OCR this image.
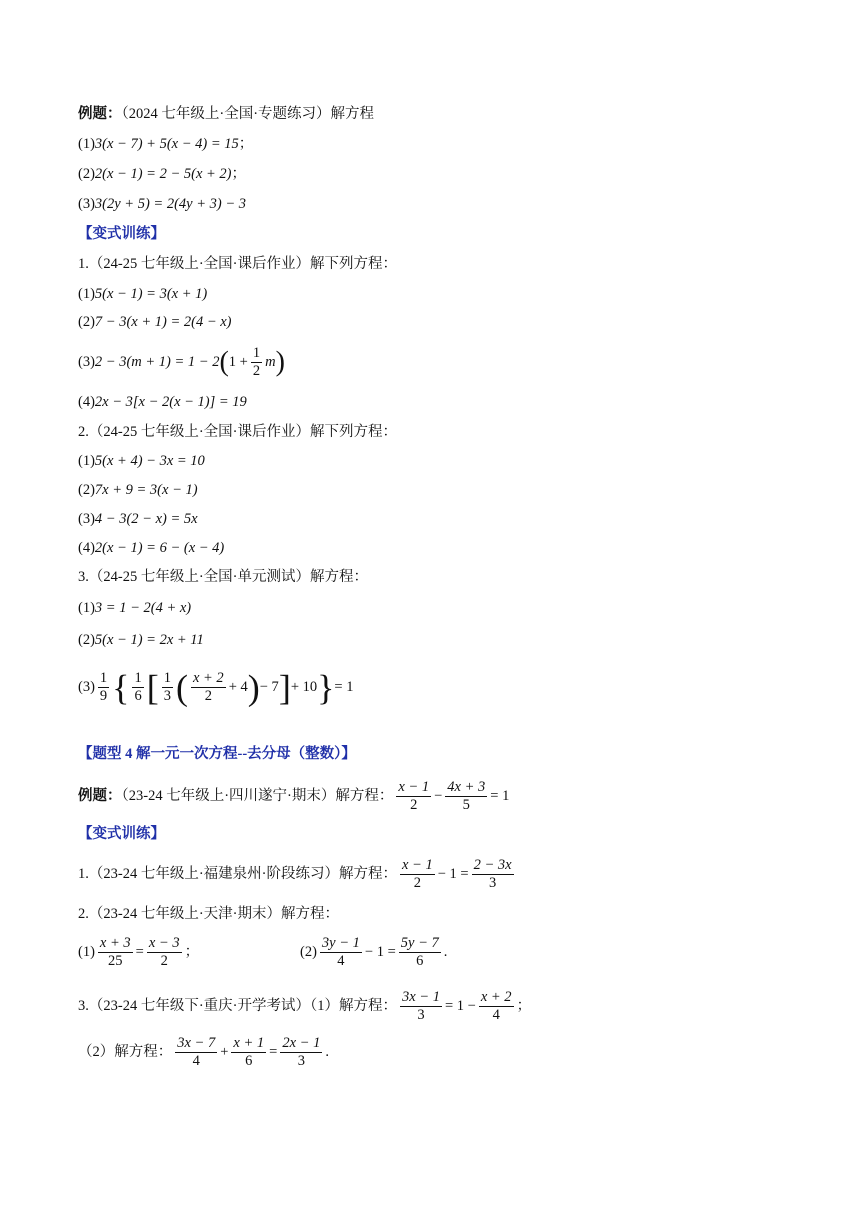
例题：（2024 七年级上·全国·专题练习）解方程
(1)3(x − 7) + 5(x − 4) = 15；
(2)2(x − 1) = 2 − 5(x + 2)；
(3)3(2y + 5) = 2(4y + 3) − 3
【变式训练】
1.（24-25 七年级上·全国·课后作业）解下列方程：
(1)5(x − 1) = 3(x + 1)
(2)7 − 3(x + 1) = 2(4 − x)
$(3)2 - 3(m + 1) = 1 - 2(1 + \frac{1}{2} m)$
(4)2x − 3[x − 2(x − 1)] = 19
2.（24-25 七年级上·全国·课后作业）解下列方程：
(1)5(x + 4) − 3x = 10
(2)7x + 9 = 3(x − 1)
(3)4 − 3(2 − x) = 5x
(4)2(x − 1) = 6 − (x − 4)
3.（24-25 七年级上·全国·单元测试）解方程：
(1)3 = 1 − 2(4 + x)
(2)5(x − 1) = 2x + 11
$(3) \frac{1}{9}$ { $\frac{1}{6}$ [ $\frac{1}{3}$ ( $\frac{x + 2}{2} + 4)- 7]+ 10\}= 1$
【题型 4 解一元一次方程--去分母（整数）】
例题：（23-24 七年级上·四川遂宁·期末）解方程： $\frac{x - 1}{2} - \frac{4x + 3}{5} = 1$
【变式训练】
1.（23-24 七年级上·福建泉州·阶段练习）解方程： $\frac{x - 1}{2} - 1 = \frac{2 - 3x}{3}$
2.（23-24 七年级上·天津·期末）解方程：
$(1) \frac{x + 3}{25} = \frac{x - 3}{2}$ ；	$(2) \frac{3y - 1}{4} - 1 = \frac{5y - 7}{6}$ .
3.（23-24 七年级下·重庆·开学考试）（1）解方程： $\frac{3x - 1}{3} = 1 - \frac{x + 2}{4}$ ；
（2）解方程： $\frac{3x - 7}{4} + \frac{x + 1}{6} = \frac{2x - 1}{3}$ .
